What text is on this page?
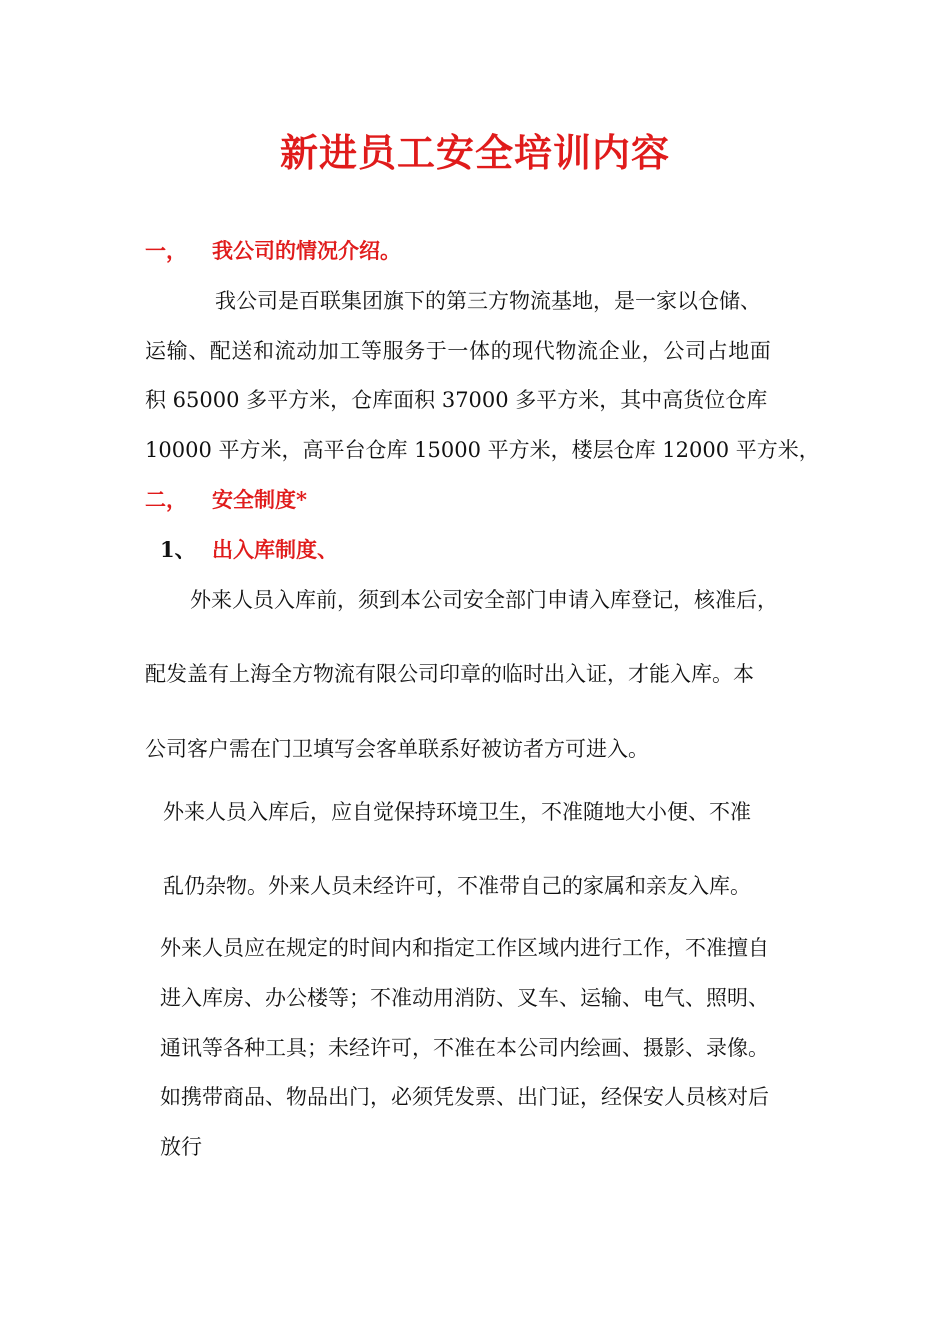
新进员工安全培训内容
一， 我公司的情况介绍。
我公司是百联集团旗下的第三方物流基地，是一家以仓储、
运输、配送和流动加工等服务于一体的现代物流企业，公司占地面
积 65000 多平方米，仓库面积 37000 多平方米，其中高货位仓库
10000 平方米，高平台仓库 15000 平方米，楼层仓库 12000 平方米，
二， 安全制度*
1、 出入库制度、
外来人员入库前，须到本公司安全部门申请入库登记，核准后，
配发盖有上海全方物流有限公司印章的临时出入证，才能入库。本
公司客户需在门卫填写会客单联系好被访者方可进入。
外来人员入库后，应自觉保持环境卫生，不准随地大小便、不准
乱仍杂物。外来人员未经许可，不准带自己的家属和亲友入库。
外来人员应在规定的时间内和指定工作区域内进行工作，不准擅自
进入库房、办公楼等；不准动用消防、叉车、运输、电气、照明、
通讯等各种工具；未经许可，不准在本公司内绘画、摄影、录像。
如携带商品、物品出门，必须凭发票、出门证，经保安人员核对后
放行
